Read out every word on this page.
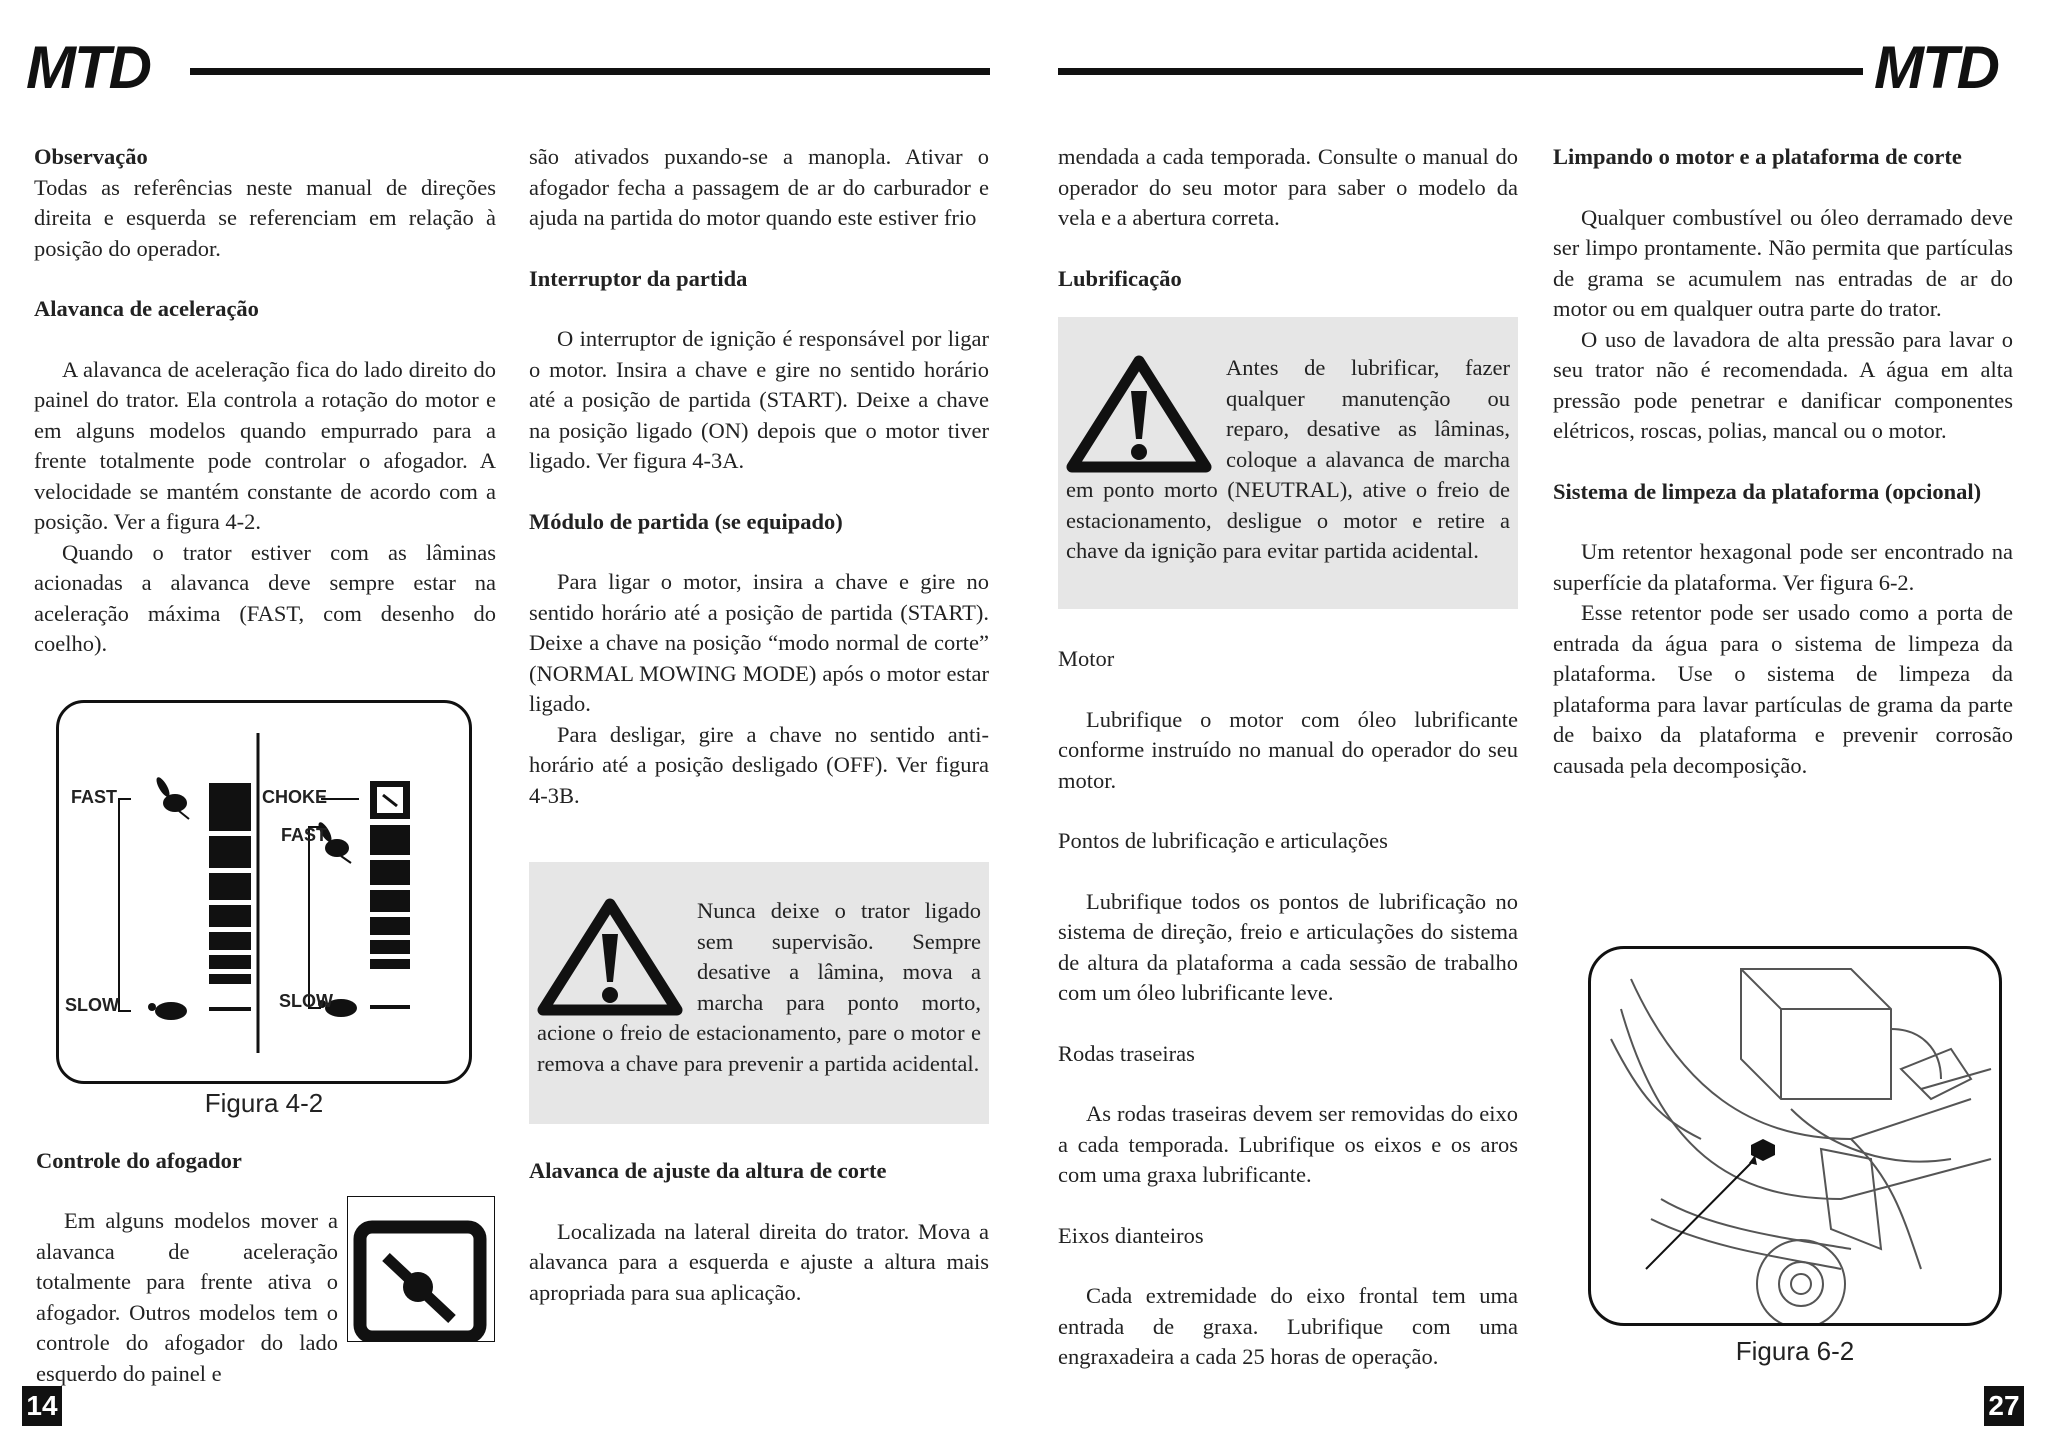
MTD	MTD

Observação

Todas as referências neste manual de direções direita e esquerda se referenciam em relação à posição do operador.

Alavanca de aceleração

A alavanca de aceleração fica do lado direito do painel do trator. Ela controla a rotação do motor e em alguns modelos quando empurrado para a frente totalmente pode controlar o afogador. A velocidade se mantém constante de acordo com a posição. Ver a figura 4-2.

Quando o trator estiver com as lâminas acionadas a alavanca deve sempre estar na aceleração máxima (FAST, com desenho do coelho).

FAST
SLOW
CHOKE
FAST
SLOW
Figura 4-2

Controle do afogador

Em alguns modelos mover a alavanca de aceleração totalmente para frente ativa o afogador. Outros modelos tem o controle do afogador do lado esquerdo do painel e

14

são ativados puxando-se a manopla. Ativar o afogador fecha a passagem de ar do carburador e ajuda na partida do motor quando este estiver frio

Interruptor da partida

O interruptor de ignição é responsável por ligar o motor. Insira a chave e gire no sentido horário até a posição de partida (START). Deixe a chave na posição ligado (ON) depois que o motor tiver ligado. Ver figura 4-3A.

Módulo de partida (se equipado)

Para ligar o motor, insira a chave e gire no sentido horário até a posição de partida (START). Deixe a chave na posição “modo normal de corte” (NORMAL MOWING MODE) após o motor estar ligado.

Para desligar, gire a chave no sentido anti-horário até a posição desligado (OFF). Ver figura 4-3B.

Nunca deixe o trator ligado sem supervisão. Sempre desative a lâmina, mova a marcha para ponto morto, acione o freio de estacionamento, pare o motor e remova a chave para prevenir a partida acidental.

Alavanca de ajuste da altura de corte

Localizada na lateral direita do trator. Mova a alavanca para a esquerda e ajuste a altura mais apropriada para sua aplicação.

mendada a cada temporada. Consulte o manual do operador do seu motor para saber o modelo da vela e a abertura correta.

Lubrificação

Antes de lubrificar, fazer qualquer manutenção ou reparo, desative as lâminas, coloque a alavanca de marcha em ponto morto (NEUTRAL), ative o freio de estacionamento, desligue o motor e retire a chave da ignição para evitar partida acidental.

Motor

Lubrifique o motor com óleo lubrificante conforme instruído no manual do operador do seu motor.

Pontos de lubrificação e articulações

Lubrifique todos os pontos de lubrificação no sistema de direção, freio e articulações do sistema de altura da plataforma a cada sessão de trabalho com um óleo lubrificante leve.

Rodas traseiras

As rodas traseiras devem ser removidas do eixo a cada temporada. Lubrifique os eixos e os aros com uma graxa lubrificante.

Eixos dianteiros

Cada extremidade do eixo frontal tem uma entrada de graxa. Lubrifique com uma engraxadeira a cada 25 horas de operação.

Limpando o motor e a plataforma de corte

Qualquer combustível ou óleo derramado deve ser limpo prontamente. Não permita que partículas de grama se acumulem nas entradas de ar do motor ou em qualquer outra parte do trator.

O uso de lavadora de alta pressão para lavar o seu trator não é recomendada. A água em alta pressão pode penetrar e danificar componentes elétricos, roscas, polias, mancal ou o motor.

Sistema de limpeza da plataforma (opcional)

Um retentor hexagonal pode ser encontrado na superfície da plataforma. Ver figura 6-2.

Esse retentor pode ser usado como a porta de entrada da água para o sistema de limpeza da plataforma. Use o sistema de limpeza da plataforma para lavar partículas de grama da parte de baixo da plataforma e prevenir corrosão causada pela decomposição.

Figura 6-2
27
